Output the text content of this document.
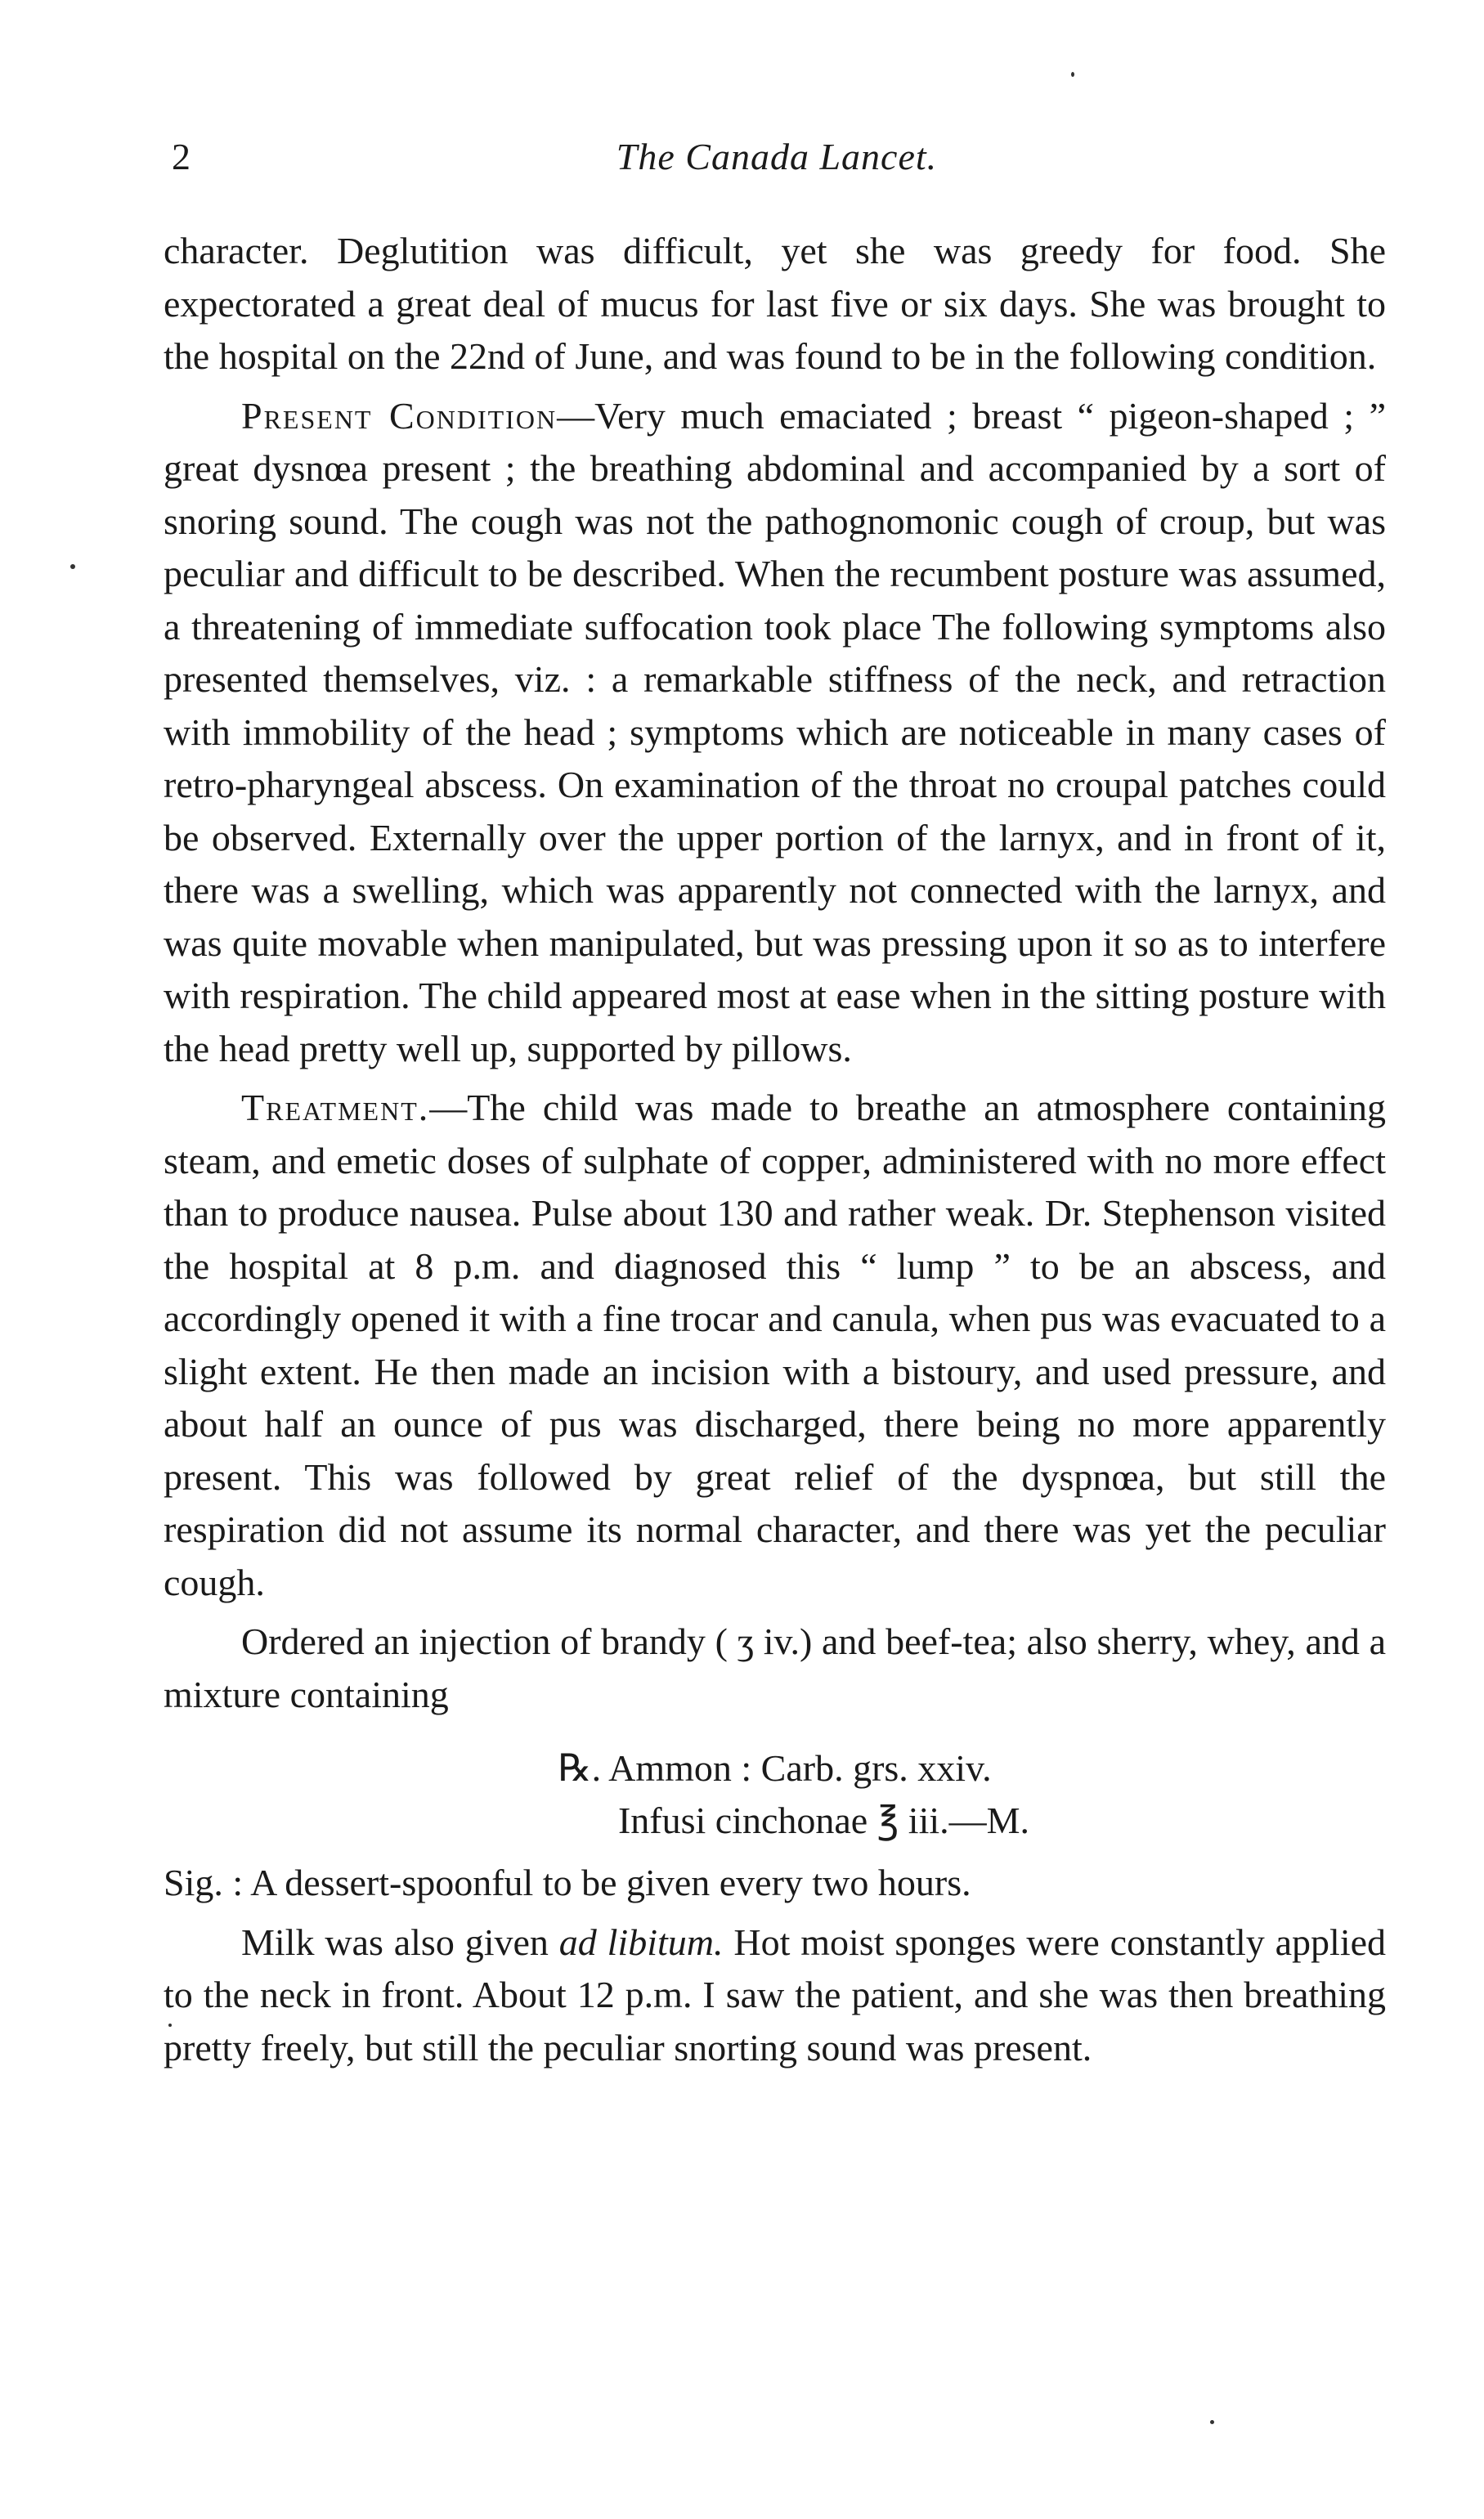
2	The Canada Lancet.

character. Deglutition was difficult, yet she was greedy for food. She expectorated a great deal of mucus for last five or six days. She was brought to the hospital on the 22nd of June, and was found to be in the following condition.

Present Condition—Very much emaciated ; breast “ pigeon-shaped ; ” great dysnœa present ; the breathing abdominal and accompanied by a sort of snoring sound. The cough was not the pathognomonic cough of croup, but was peculiar and difficult to be described. When the recumbent posture was assumed, a threatening of immediate suffocation took place The following symptoms also presented themselves, viz. : a remarkable stiffness of the neck, and retraction with immobility of the head ; symptoms which are noticeable in many cases of retro-pharyngeal abscess. On examination of the throat no croupal patches could be observed. Externally over the upper portion of the larnyx, and in front of it, there was a swelling, which was apparently not connected with the larnyx, and was quite movable when manipulated, but was pressing upon it so as to interfere with respiration. The child appeared most at ease when in the sitting posture with the head pretty well up, supported by pillows.

Treatment.—The child was made to breathe an atmosphere containing steam, and emetic doses of sulphate of copper, administered with no more effect than to produce nausea. Pulse about 130 and rather weak. Dr. Stephenson visited the hospital at 8 p.m. and diagnosed this “ lump ” to be an abscess, and accordingly opened it with a fine trocar and canula, when pus was evacuated to a slight extent. He then made an incision with a bistoury, and used pressure, and about half an ounce of pus was discharged, there being no more apparently present. This was followed by great relief of the dyspnœa, but still the respiration did not assume its normal character, and there was yet the peculiar cough.

Ordered an injection of brandy ( ʒ iv.) and beef-tea; also sherry, whey, and a mixture containing

℞. Ammon : Carb. grs. xxiv.
Infusi cinchonae ℥ iii.—M.

Sig. : A dessert-spoonful to be given every two hours.

Milk was also given ad libitum. Hot moist sponges were constantly applied to the neck in front. About 12 p.m. I saw the patient, and she was then breathing pretty freely, but still the peculiar snorting sound was present.
